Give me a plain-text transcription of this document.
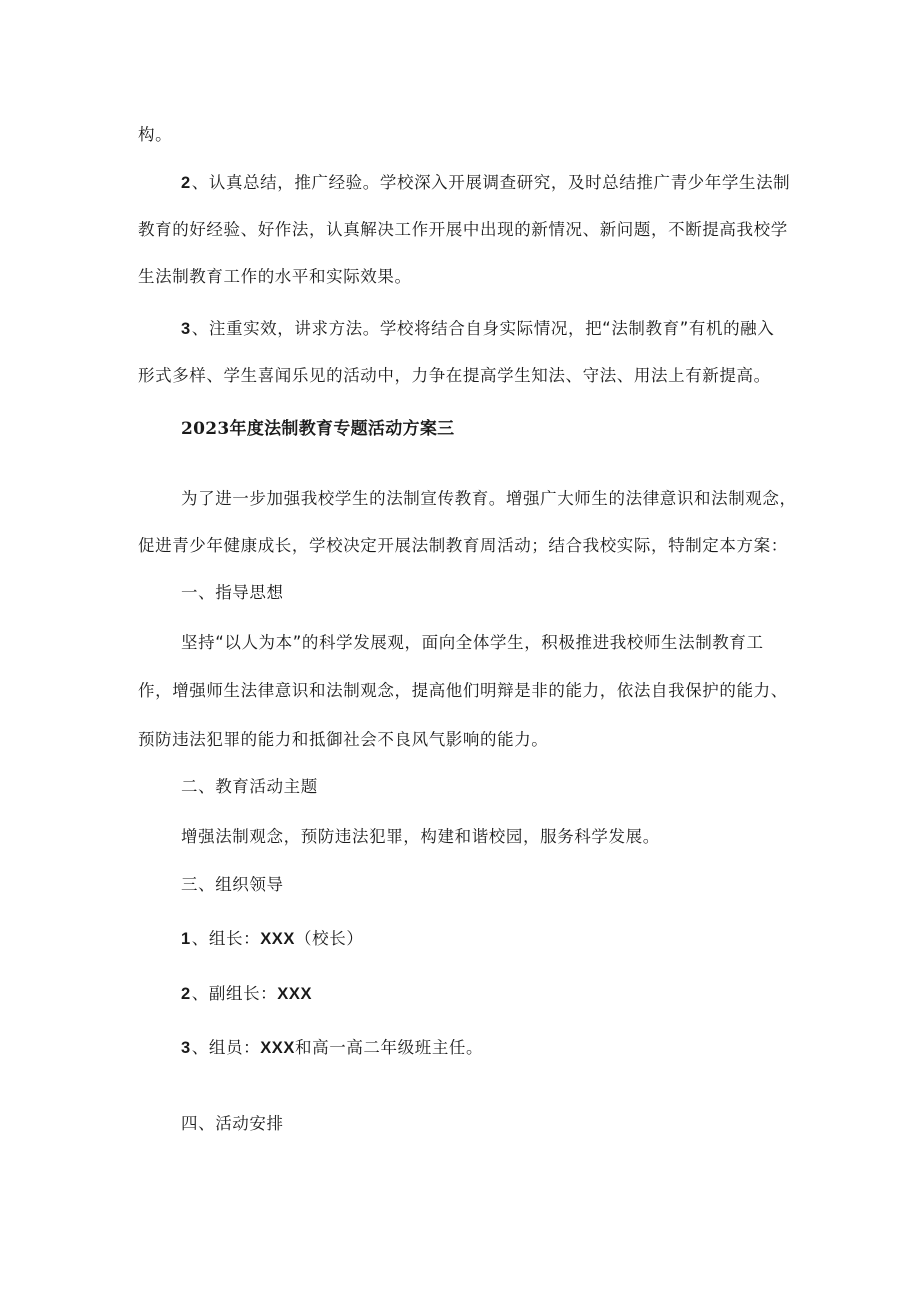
构。
2、认真总结，推广经验。学校深入开展调查研究，及时总结推广青少年学生法制
教育的好经验、好作法，认真解决工作开展中出现的新情况、新问题，不断提高我校学
生法制教育工作的水平和实际效果。
3、注重实效，讲求方法。学校将结合自身实际情况，把“法制教育”有机的融入
形式多样、学生喜闻乐见的活动中，力争在提高学生知法、守法、用法上有新提高。
2023年度法制教育专题活动方案三
为了进一步加强我校学生的法制宣传教育。增强广大师生的法律意识和法制观念，
促进青少年健康成长，学校决定开展法制教育周活动；结合我校实际，特制定本方案：
一、指导思想
坚持“以人为本”的科学发展观，面向全体学生，积极推进我校师生法制教育工
作，增强师生法律意识和法制观念，提高他们明辩是非的能力，依法自我保护的能力、
预防违法犯罪的能力和抵御社会不良风气影响的能力。
二、教育活动主题
增强法制观念，预防违法犯罪，构建和谐校园，服务科学发展。
三、组织领导
1、组长：XXX（校长）
2、副组长：XXX
3、组员：XXX和高一高二年级班主任。
四、活动安排
